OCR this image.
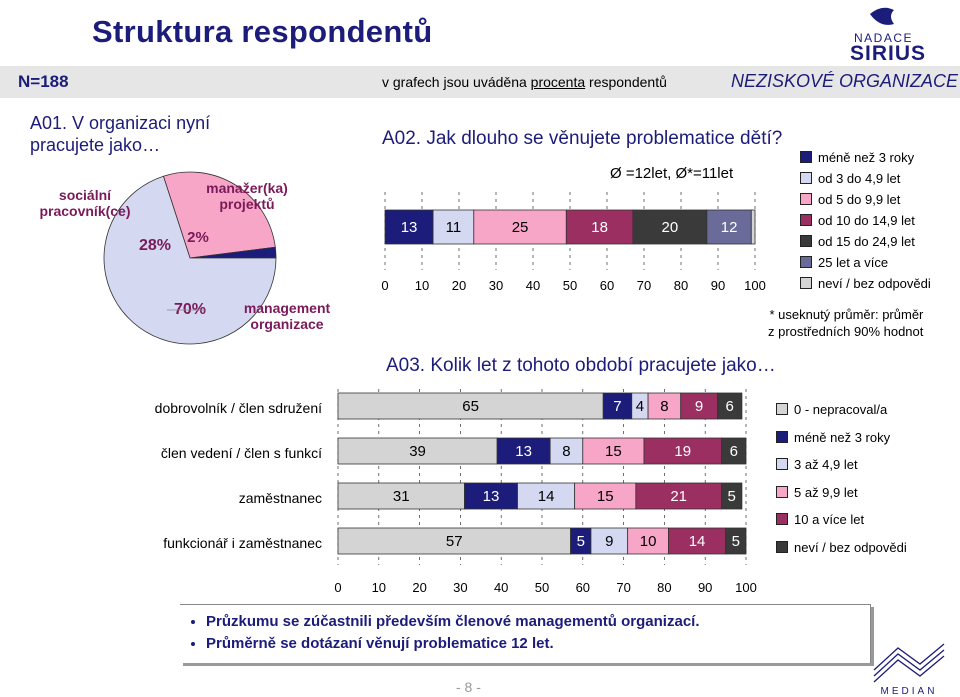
Struktura respondentů
N=188	v grafech jsou uváděna procenta respondentů	NEZISKOVÉ ORGANIZACE
NADACE
SIRIUS
A01. V organizaci nyní
pracujete jako…
28% 2%
70%
sociální
pracovník(ce)
manažer(ka)
projektů
management
organizace
A02. Jak dlouho se věnujete problematice dětí?
Ø =12let, Ø*=11let
13 11	25	18	20	12
0 10 20 30 40 50 60 70 80 90 100
méně než 3 roky
od 3 do 4,9 let
od 5 do 9,9 let
od 10 do 14,9 let
od 15 do 24,9 let
25 let a více
neví / bez odpovědi
* useknutý průměr: průměr
z prostředních 90% hodnot
A03. Kolik let z tohoto období pracujete jako…
dobrovolník / člen sdružení
člen vedení / člen s funkcí
zaměstnanec
funkcionář i zaměstnanec
65	7 4 8 9 6
39	13 8 15	19	6
31	13	14	15	21	5
57	5 9 10 14 5
0 10 20 30 40 50 60 70 80 90 100
0 - nepracoval/a
méně než 3 roky
3 až 4,9 let
5 až 9,9 let
10 a více let
neví / bez odpovědi
• Průzkumu se zúčastnili především členové managementů organizací.
• Průměrně se dotázaní věnují problematice 12 let.
- 8 -	MEDIAN
